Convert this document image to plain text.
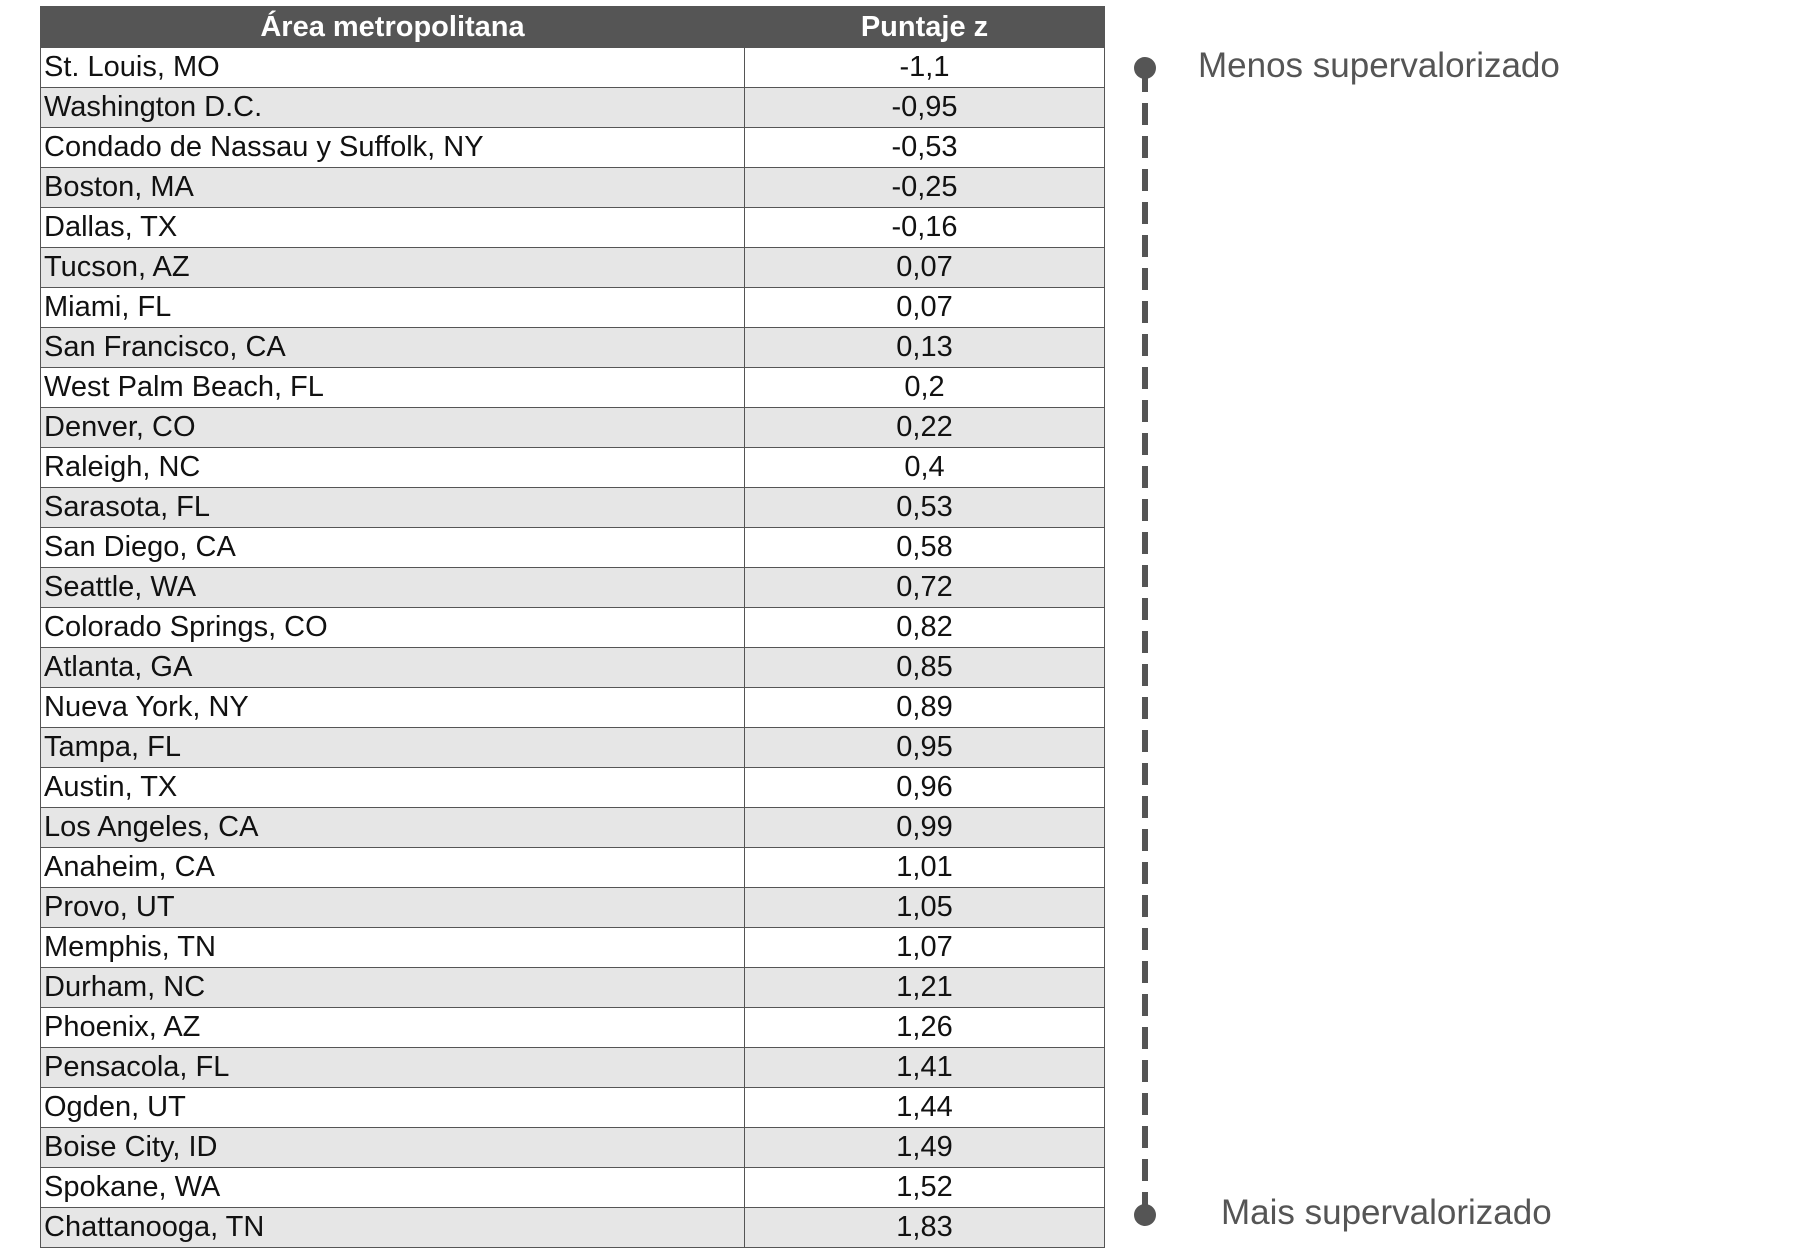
Área metropolitana	Puntaje z
St. Louis, MO	-1,1
Washington D.C.	-0,95
Condado de Nassau y Suffolk, NY	-0,53
Boston, MA	-0,25
Dallas, TX	-0,16
Tucson, AZ	0,07
Miami, FL	0,07
San Francisco, CA	0,13
West Palm Beach, FL	0,2
Denver, CO	0,22
Raleigh, NC	0,4
Sarasota, FL	0,53
San Diego, CA	0,58
Seattle, WA	0,72
Colorado Springs, CO	0,82
Atlanta, GA	0,85
Nueva York, NY	0,89
Tampa, FL	0,95
Austin, TX	0,96
Los Angeles, CA	0,99
Anaheim, CA	1,01
Provo, UT	1,05
Memphis, TN	1,07
Durham, NC	1,21
Phoenix, AZ	1,26
Pensacola, FL	1,41
Ogden, UT	1,44
Boise City, ID	1,49
Spokane, WA	1,52
Chattanooga, TN	1,83
Menos supervalorizado
Mais supervalorizado
